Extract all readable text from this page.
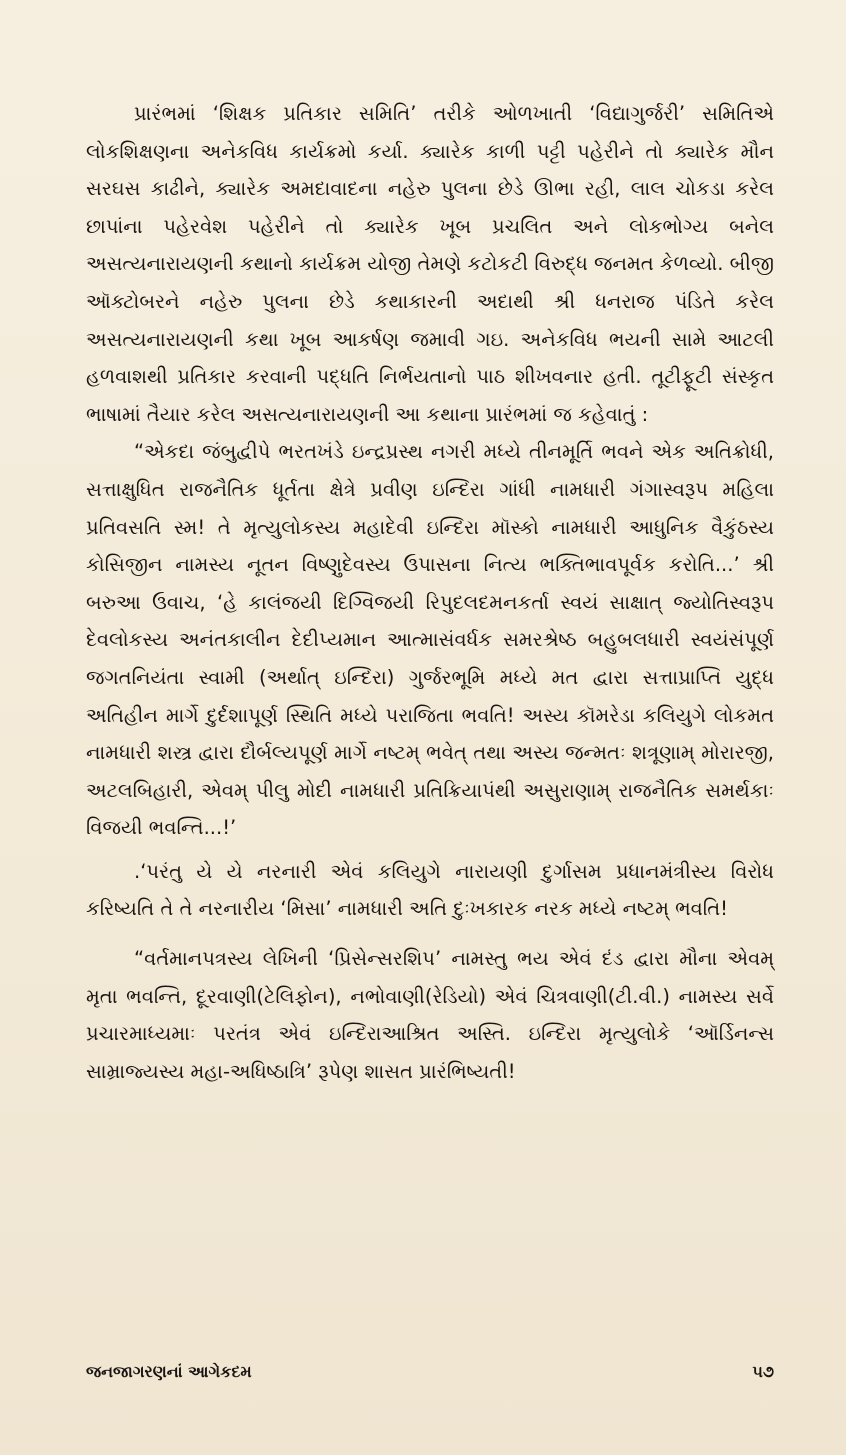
પ્રારંભમાં ‘શિક્ષક પ્રતિકાર સમિતિ’ તરીકે ઓળખાતી ‘વિદ્યાગુર્જરી’ સમિતિએ લોકશિક્ષણના અનેકવિધ કાર્યક્રમો કર્યા. ક્યારેક કાળી પટ્ટી પહેરીને તો ક્યારેક મૌન સરઘસ કાઢીને, ક્યારેક અમદાવાદના નહેરુ પુલના છેડે ઊભા રહી, લાલ ચોકડા કરેલ છાપાંના પહેરવેશ પહેરીને તો ક્યારેક ખૂબ પ્રચલિત અને લોકભોગ્ય બનેલ અસત્યનારાયણની કથાનો કાર્યક્રમ યોજી તેમણે કટોકટી વિરુદ્ધ જનમત કેળવ્યો. બીજી ઑક્ટોબરને નહેરુ પુલના છેડે કથાકારની અદાથી શ્રી ધનરાજ પંડિતે કરેલ અસત્યનારાયણની કથા ખૂબ આકર્ષણ જમાવી ગઇ. અનેકવિધ ભયની સામે આટલી હળવાશથી પ્રતિકાર કરવાની પદ્ધતિ નિર્ભયતાનો પાઠ શીખવનાર હતી. તૂટીફૂટી સંસ્કૃત ભાષામાં તૈયાર કરેલ અસત્યનારાયણની આ કથાના પ્રારંભમાં જ કહેવાતું :

“એકદા જંબુદ્વીપે ભરતખંડે ઇન્દ્રપ્રસ્થ નગરી મધ્યે તીનમૂર્તિ ભવને એક અતિક્રોધી, સત્તાક્ષુધિત રાજનૈતિક ધૂર્તતા ક્ષેત્રે પ્રવીણ ઇન્દિરા ગાંધી નામધારી ગંગાસ્વરૂપ મહિલા પ્રતિવસતિ સ્મ! તે મૃત્યુલોકસ્ય મહાદેવી ઇન્દિરા મૉસ્કો નામધારી આધુનિક વૈકુંઠસ્ય કોસિજીન નામસ્ય નૂતન વિષ્ણુદેવસ્ય ઉપાસના નિત્ય ભક્તિભાવપૂર્વક કરોતિ...’ શ્રી બરુઆ ઉવાચ, ‘હે કાલંજયી દિગ્વિજયી રિપુદલદમનકર્તા સ્વયં સાક્ષાત્ જ્યોતિસ્વરૂપ દેવલોકસ્ય અનંતકાલીન દેદીપ્યમાન આત્માસંવર્ધક સમરશ્રેષ્ઠ બહુબલધારી સ્વયંસંપૂર્ણ જગતનિયંતા સ્વામી (અર્થાત્ ઇન્દિરા) ગુર્જરભૂમિ મધ્યે મત દ્વારા સત્તાપ્રાપ્તિ યુદ્ધ અતિહીન માર્ગે દુર્દશાપૂર્ણ સ્થિતિ મધ્યે પરાજિતા ભવતિ! અસ્ય કૉમરેડા કલિયુગે લોકમત નામધારી શસ્ત્ર દ્વારા દૌર્બલ્યપૂર્ણ માર્ગે નષ્ટમ્ ભવેત્ તથા અસ્ય જન્મતઃ શત્રૂણામ્ મોરારજી, અટલબિહારી, એવમ્ પીલુ મોદી નામધારી પ્રતિક્રિયાપંથી અસુરાણામ્ રાજનૈતિક સમર્થકાઃ વિજયી ભવન્તિ...!’

.‘પરંતુ યે યે નરનારી એવં કલિયુગે નારાયણી દુર્ગાસમ પ્રધાનમંત્રીસ્ય વિરોધ કરિષ્યતિ તે તે નરનારીય ‘મિસા’ નામધારી અતિ દુઃખકારક નરક મધ્યે નષ્ટમ્ ભવતિ!

“વર્તમાનપત્રસ્ય લેખિની ‘પ્રિસેન્સરશિપ’ નામસ્તુ ભય એવં દંડ દ્વારા મૌના એવમ્ મૃતા ભવન્તિ, દૂરવાણી(ટેલિફોન), નભોવાણી(રેડિયો) એવં ચિત્રવાણી(ટી.વી.) નામસ્ય સર્વે પ્રચારમાધ્યમાઃ પરતંત્ર એવં ઇન્દિરાઆશ્રિત અસ્તિ. ઇન્દિરા મૃત્યુલોકે ‘ઑર્ડિનન્સ સામ્રાજ્યસ્ય મહા-અધિષ્ઠાત્રિ’ રૂપેણ શાસત પ્રારંભિષ્યતી!

જનજાગરણનાં આગેકદમ	૫૭
